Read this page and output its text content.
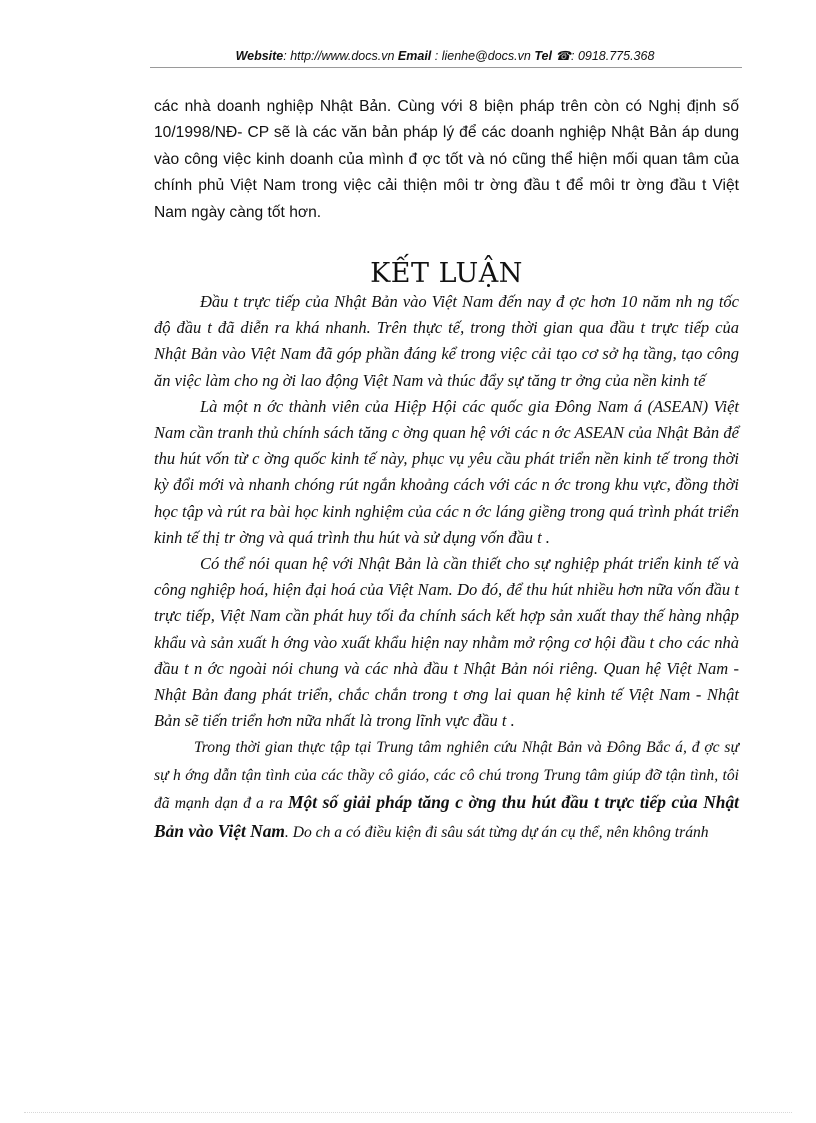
Website: http://www.docs.vn Email : lienhe@docs.vn Tel ☎: 0918.775.368
các nhà doanh nghiệp Nhật Bản. Cùng với 8 biện pháp trên còn có Nghị định số 10/1998/NĐ- CP sẽ là các văn bản pháp lý để các doanh nghiệp Nhật Bản áp dung vào công việc kinh doanh của mình đ ợc tốt và nó cũng thể hiện mối quan tâm của chính phủ Việt Nam trong việc cải thiện môi tr ờng đầu t để môi tr ờng đầu t Việt Nam ngày càng tốt hơn.
KẾT LUẬN

Đầu t trực tiếp của Nhật Bản vào Việt Nam đến nay đ ợc hơn 10 năm nh ng tốc độ đầu t đã diễn ra khá nhanh. Trên thực tế, trong thời gian qua đầu t trực tiếp của Nhật Bản vào Việt Nam đã góp phần đáng kể trong việc cải tạo cơ sở hạ tầng, tạo công ăn việc làm cho ng ời lao động Việt Nam và thúc đẩy sự tăng tr ởng của nền kinh tế

Là một n ớc thành viên của Hiệp Hội các quốc gia Đông Nam á (ASEAN) Việt Nam cần tranh thủ chính sách tăng c ờng quan hệ với các n ớc ASEAN của Nhật Bản để thu hút vốn từ c ờng quốc kinh tế này, phục vụ yêu cầu phát triển nền kinh tế trong thời kỳ đổi mới và nhanh chóng rút ngắn khoảng cách với các n ớc trong khu vực, đồng thời học tập và rút ra bài học kinh nghiệm của các n ớc láng giềng trong quá trình phát triển kinh tế thị tr ờng và quá trình thu hút và sử dụng vốn đầu t .

Có thể nói quan hệ với Nhật Bản là cần thiết cho sự nghiệp phát triển kinh tế và công nghiệp hoá, hiện đại hoá của Việt Nam. Do đó, để thu hút nhiều hơn nữa vốn đầu t trực tiếp, Việt Nam cần phát huy tối đa chính sách kết hợp sản xuất thay thế hàng nhập khẩu và sản xuất h ớng vào xuất khẩu hiện nay nhằm mở rộng cơ hội đầu t cho các nhà đầu t n ớc ngoài nói chung và các nhà đầu t Nhật Bản nói riêng. Quan hệ Việt Nam - Nhật Bản đang phát triển, chắc chắn trong t ơng lai quan hệ kinh tế Việt Nam - Nhật Bản sẽ tiến triển hơn nữa nhất là trong lĩnh vực đầu t .

Trong thời gian thực tập tại Trung tâm nghiên cứu Nhật Bản và Đông Bắc á, đ ợc sự sự h ớng dẫn tận tình của các thầy cô giáo, các cô chú trong Trung tâm giúp đỡ tận tình, tôi đã mạnh dạn đ a ra Một số giải pháp tăng c ờng thu hút đầu t trực tiếp của Nhật Bản vào Việt Nam. Do ch a có điều kiện đi sâu sát từng dự án cụ thể, nên không tránh
